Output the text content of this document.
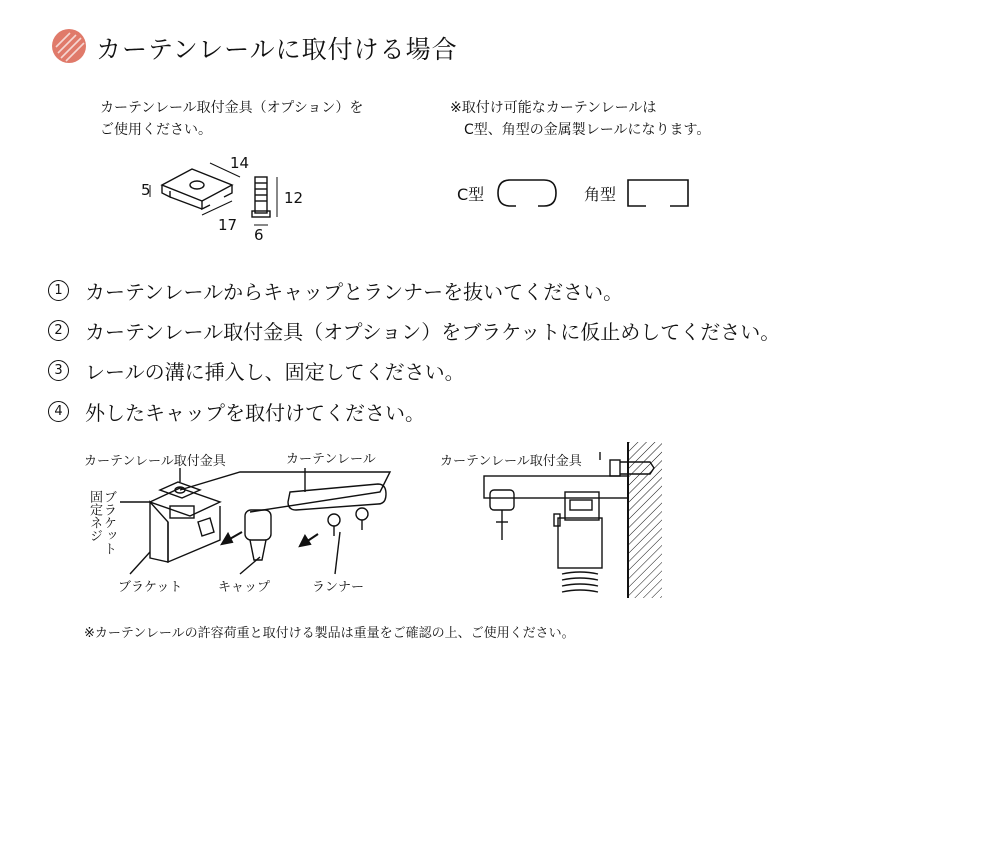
カーテンレールに取付ける場合
カーテンレール取付金具（オプション）を
ご使用ください。
※取付け可能なカーテンレールは
C型、角型の金属製レールになります。
14
5
17
12
6
C型	角型
1	カーテンレールからキャップとランナーを抜いてください。
2	カーテンレール取付金具（オプション）をブラケットに仮止めしてください。
3	レールの溝に挿入し、固定してください。
4	外したキャップを取付けてください。
カーテンレール取付金具	カーテンレール
固定ネジ ブラケット
ブラケット	キャップ	ランナー
カーテンレール取付金具
※カーテンレールの許容荷重と取付ける製品は重量をご確認の上、ご使用ください。
